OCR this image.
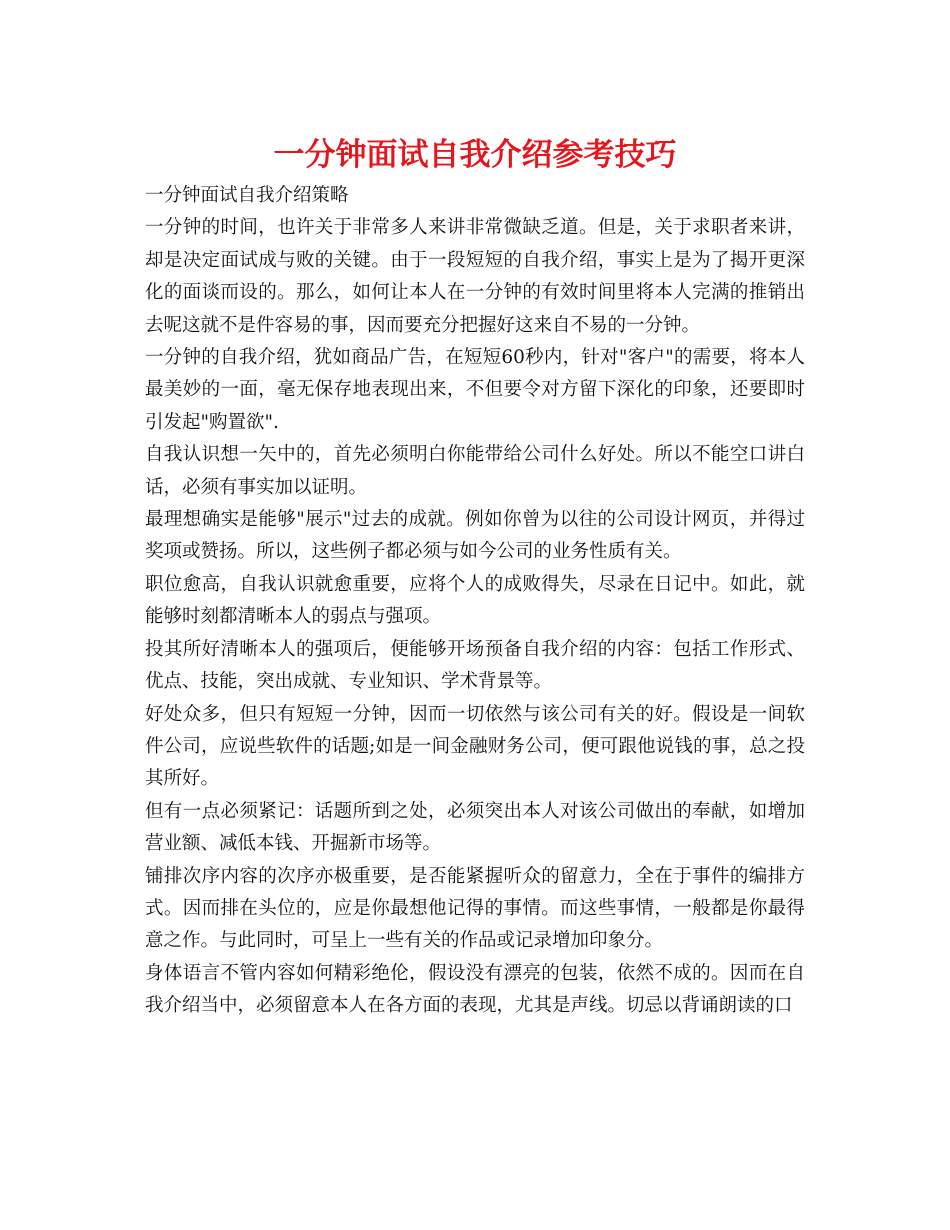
一分钟面试自我介绍参考技巧

一分钟面试自我介绍策略

一分钟的时间，也许关于非常多人来讲非常微缺乏道。但是，关于求职者来讲，却是决定面试成与败的关键。由于一段短短的自我介绍，事实上是为了揭开更深化的面谈而设的。那么，如何让本人在一分钟的有效时间里将本人完满的推销出去呢这就不是件容易的事，因而要充分把握好这来自不易的一分钟。

一分钟的自我介绍，犹如商品广告，在短短60秒内，针对"客户"的需要，将本人最美妙的一面，毫无保存地表现出来，不但要令对方留下深化的印象，还要即时引发起"购置欲".

自我认识想一矢中的，首先必须明白你能带给公司什么好处。所以不能空口讲白话，必须有事实加以证明。

最理想确实是能够"展示"过去的成就。例如你曾为以往的公司设计网页，并得过奖项或赞扬。所以，这些例子都必须与如今公司的业务性质有关。

职位愈高，自我认识就愈重要，应将个人的成败得失，尽录在日记中。如此，就能够时刻都清晰本人的弱点与强项。

投其所好清晰本人的强项后，便能够开场预备自我介绍的内容：包括工作形式、优点、技能，突出成就、专业知识、学术背景等。

好处众多，但只有短短一分钟，因而一切依然与该公司有关的好。假设是一间软件公司，应说些软件的话题;如是一间金融财务公司，便可跟他说钱的事，总之投其所好。

但有一点必须紧记：话题所到之处，必须突出本人对该公司做出的奉献，如增加营业额、减低本钱、开掘新市场等。

铺排次序内容的次序亦极重要，是否能紧握听众的留意力，全在于事件的编排方式。因而排在头位的，应是你最想他记得的事情。而这些事情，一般都是你最得意之作。与此同时，可呈上一些有关的作品或记录增加印象分。

身体语言不管内容如何精彩绝伦，假设没有漂亮的包装，依然不成的。因而在自我介绍当中，必须留意本人在各方面的表现，尤其是声线。切忌以背诵朗读的口
